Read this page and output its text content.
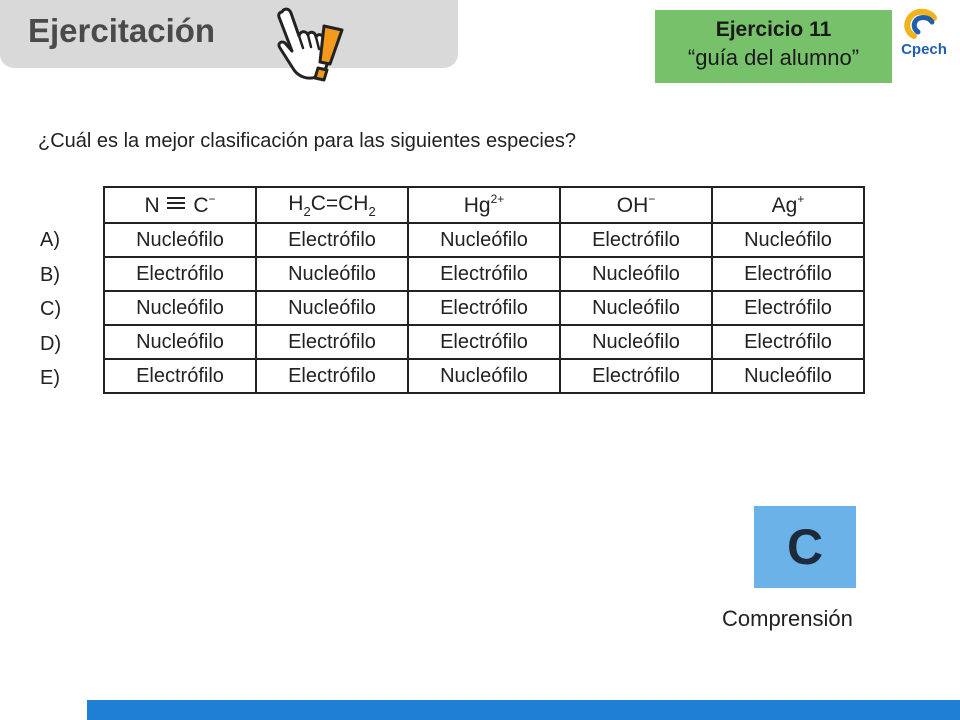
Ejercitación	Ejercicio 11
“guía del alumno”	Cpech
¿Cuál es la mejor clasificación para las siguientes especies?
A)
B)
C)
D)
E)
N C−	$H_2C=CH_2$	$Hg^{2+}$	OH−	Ag+
Nucleófilo	Electrófilo	Nucleófilo	Electrófilo	Nucleófilo
Electrófilo	Nucleófilo	Electrófilo	Nucleófilo	Electrófilo
Nucleófilo	Nucleófilo	Electrófilo	Nucleófilo	Electrófilo
Nucleófilo	Electrófilo	Electrófilo	Nucleófilo	Electrófilo
Electrófilo	Electrófilo	Nucleófilo	Electrófilo	Nucleófilo
C
Comprensión
